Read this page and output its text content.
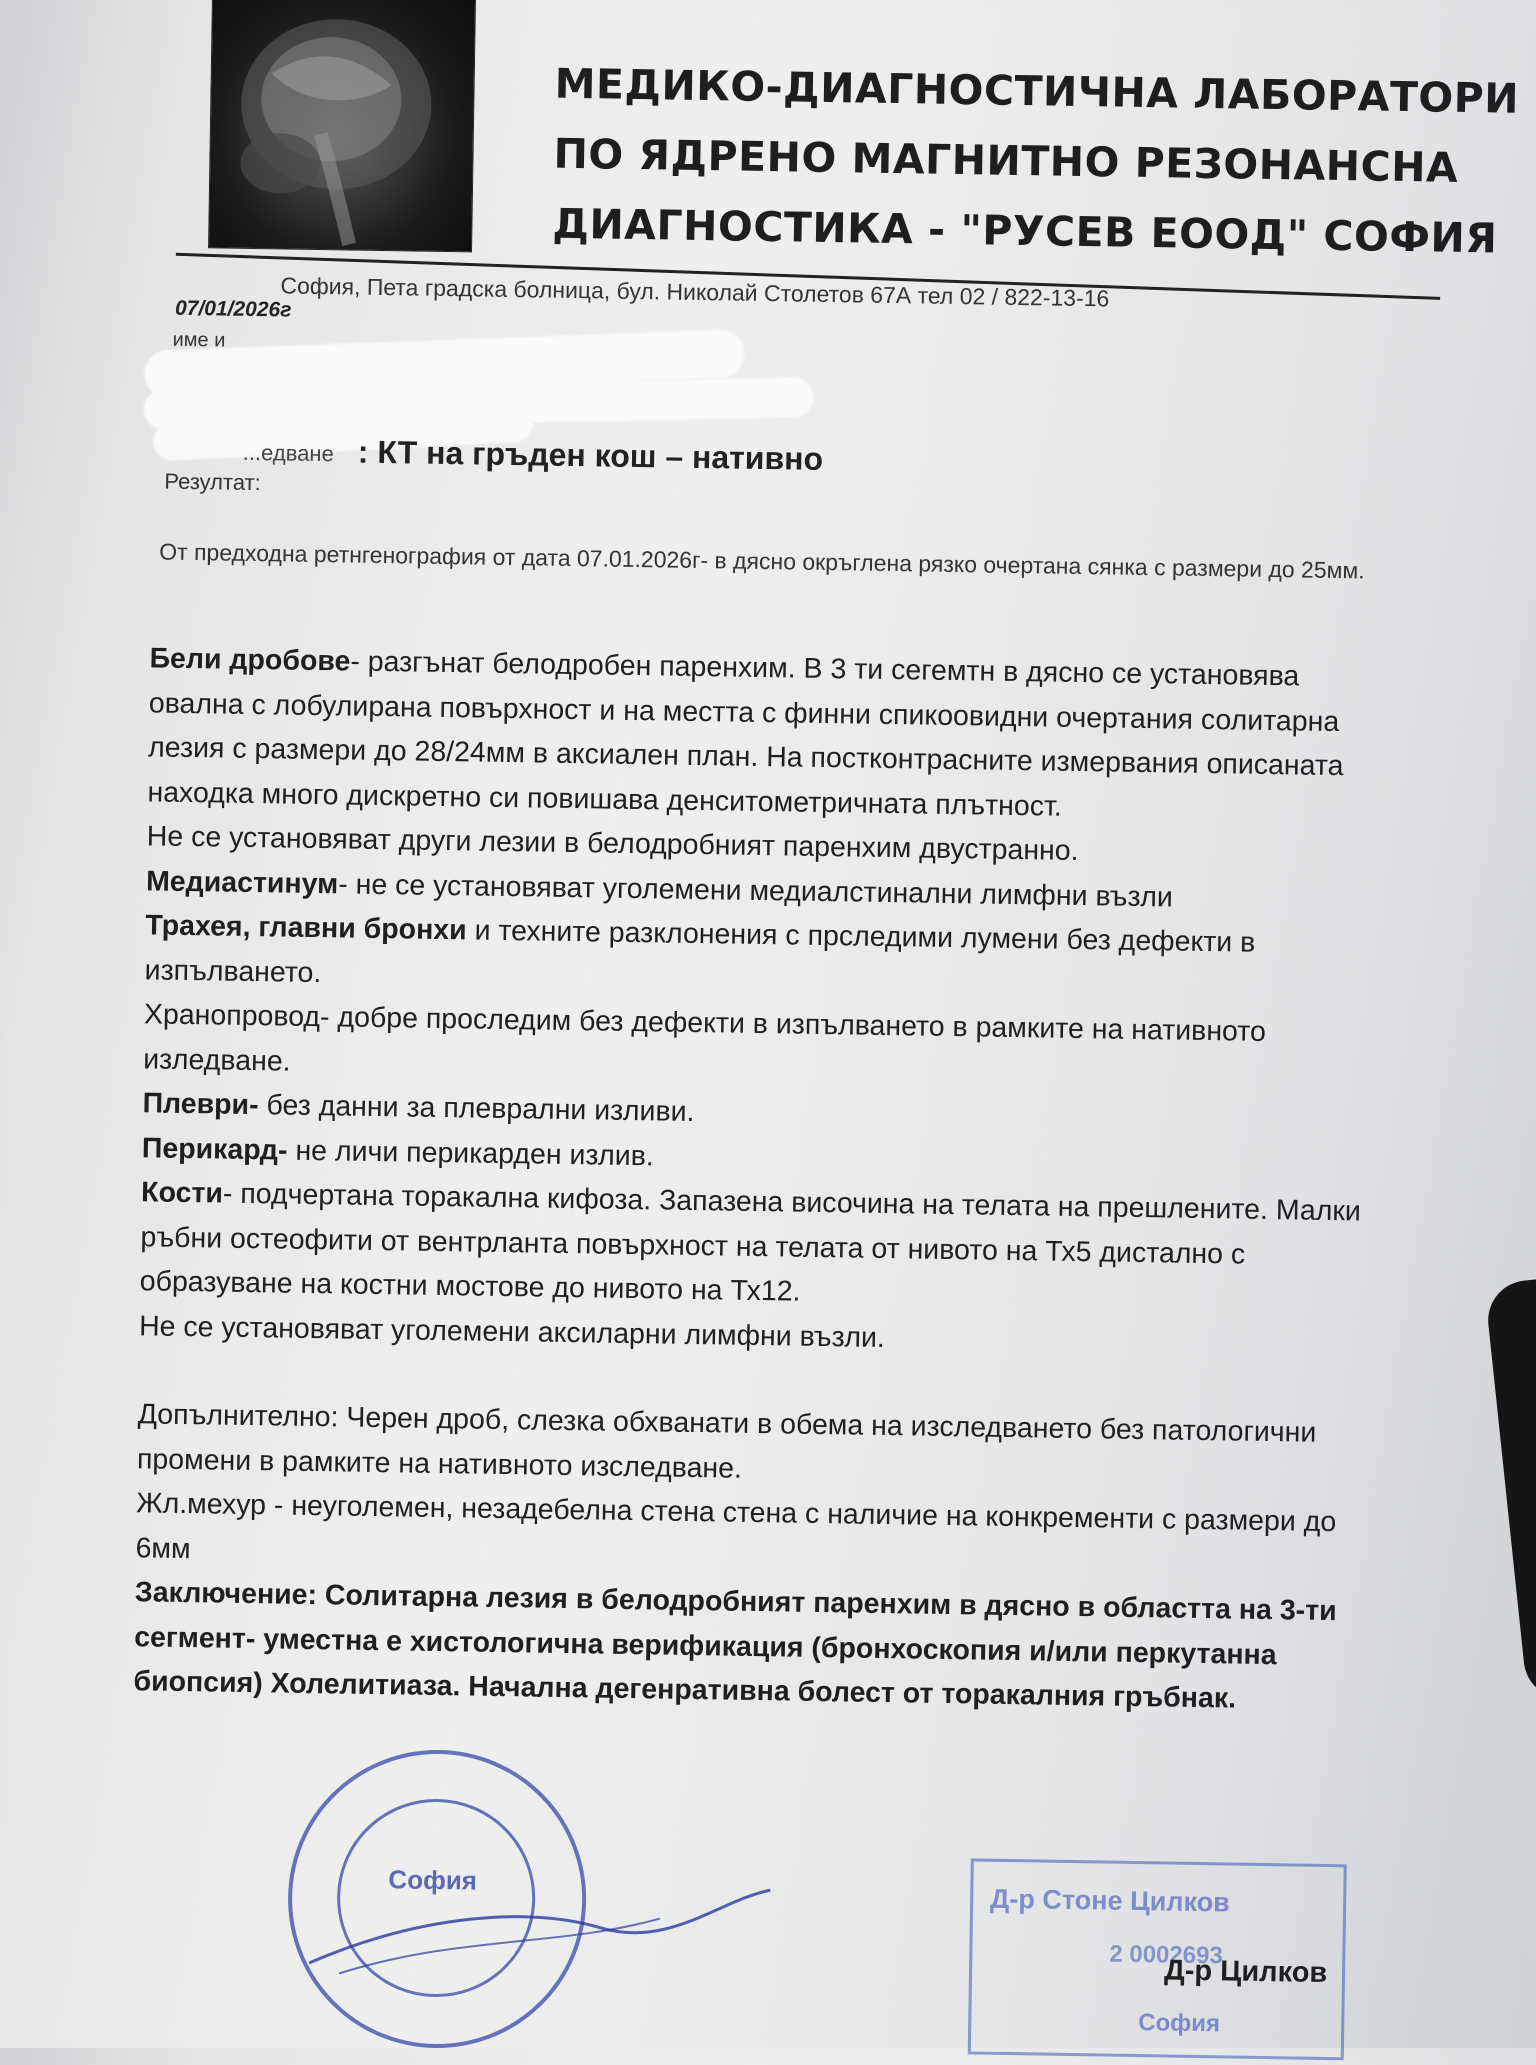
МЕДИКО-ДИАГНОСТИЧНА ЛАБОРАТОРИ
ПО ЯДРЕНО МАГНИТНО РЕЗОНАНСНА
ДИАГНОСТИКА - "РУСЕВ ЕООД" СОФИЯ
София, Пета градска болница, бул. Николай Столетов 67А тел 02 / 822-13-16
07/01/2026г
име и
...едване : КТ на гръден кош – нативно
Резултат:
От предходна ретнгенография от дата 07.01.2026г- в дясно окръглена рязко очертана сянка с размери до 25мм.

Бели дробове- разгънат белодробен паренхим. В 3 ти сегемтн в дясно се установява овална с лобулирана повърхност и на местта с финни спикоовидни очертания солитарна лезия с размери до 28/24мм в аксиален план. На постконтрасните измервания описаната находка много дискретно си повишава денситометричната плътност.

Не се установяват други лезии в белодробният паренхим двустранно.

Медиастинум- не се установяват уголемени медиалстинални лимфни възли

Трахея, главни бронхи и техните разклонения с прследими лумени без дефекти в изпълването.

Хранопровод- добре проследим без дефекти в изпълването в рамките на нативното изледване.

Плеври- без данни за плеврални изливи.

Перикард- не личи перикарден излив.

Кости- подчертана торакална кифоза. Запазена височина на телата на прешлените. Малки ръбни остеофити от вентрланта повърхност на телата от нивото на Тх5 дистално с образуване на костни мостове до нивото на Тх12.

Не се установяват уголемени аксиларни лимфни възли.

Допълнително: Черен дроб, слезка обхванати в обема на изследването без патологични промени в рамките на нативното изследване.

Жл.мехур - неуголемен, незадебелна стена стена с наличие на конкременти с размери до 6мм

Заключение: Солитарна лезия в белодробният паренхим в дясно в областта на 3-ти сегмент- уместна е хистологична верификация (бронхоскопия и/или перкутанна биопсия) Холелитиаза. Начална дегенративна болест от торакалния гръбнак.

София
Д-р Стоне Цилков
2 0002693
София
Д-р Цилков
